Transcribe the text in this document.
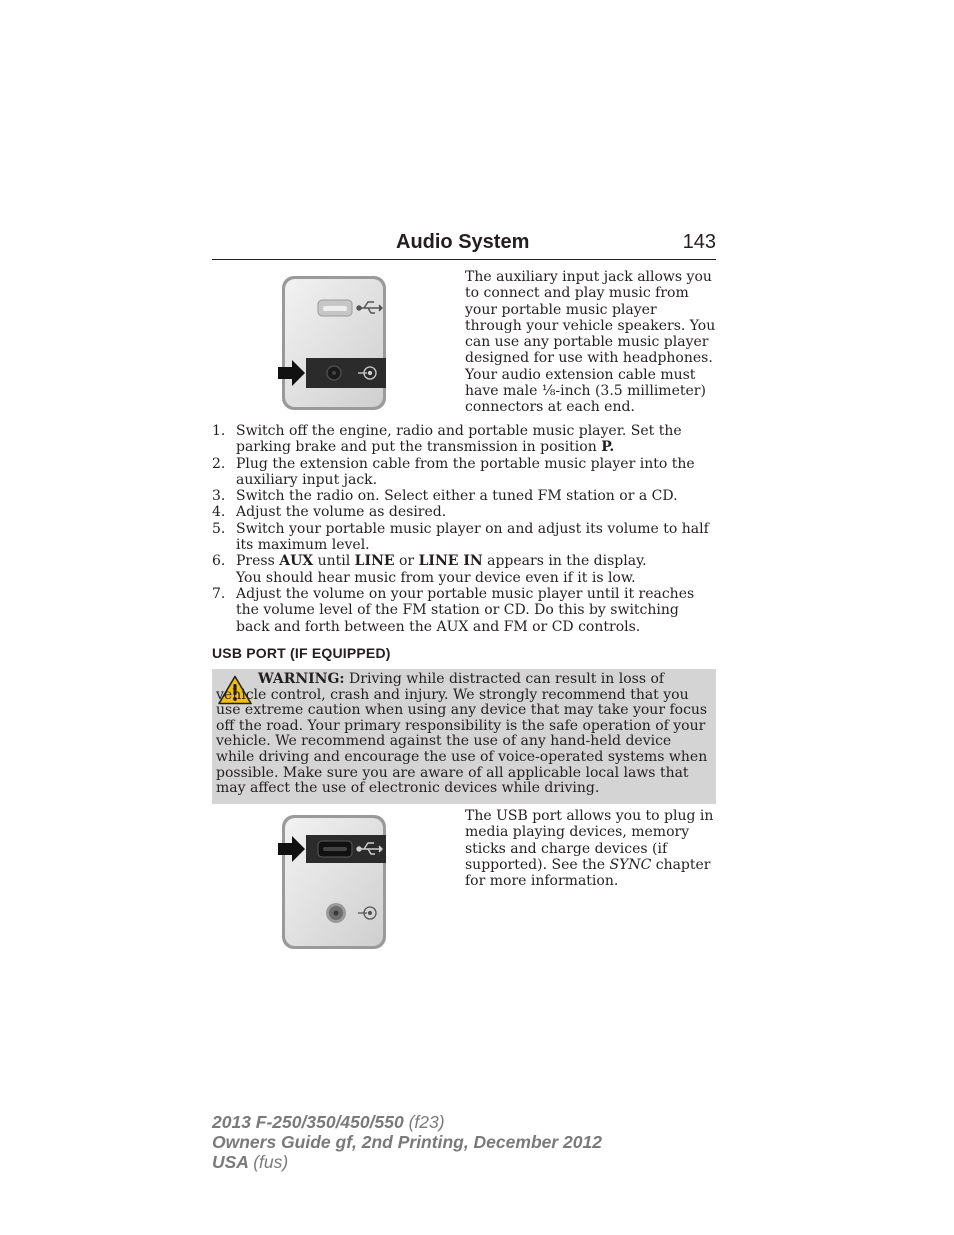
Audio System	143
The auxiliary input jack allows you to connect and play music from your portable music player through your vehicle speakers. You can use any portable music player designed for use with headphones. Your audio extension cable must have male ⅛-inch (3.5 millimeter) connectors at each end.
1. Switch off the engine, radio and portable music player. Set the parking brake and put the transmission in position P.
2. Plug the extension cable from the portable music player into the auxiliary input jack.
3. Switch the radio on. Select either a tuned FM station or a CD.
4. Adjust the volume as desired.
5. Switch your portable music player on and adjust its volume to half its maximum level.
6. Press AUX until LINE or LINE IN appears in the display.
You should hear music from your device even if it is low.
7. Adjust the volume on your portable music player until it reaches the volume level of the FM station or CD. Do this by switching back and forth between the AUX and FM or CD controls.
USB PORT (IF EQUIPPED)
WARNING: Driving while distracted can result in loss of vehicle control, crash and injury. We strongly recommend that you use extreme caution when using any device that may take your focus off the road. Your primary responsibility is the safe operation of your vehicle. We recommend against the use of any hand-held device while driving and encourage the use of voice-operated systems when possible. Make sure you are aware of all applicable local laws that may affect the use of electronic devices while driving.
The USB port allows you to plug in media playing devices, memory sticks and charge devices (if supported). See the SYNC chapter for more information.
2013 F-250/350/450/550 (f23)
Owners Guide gf, 2nd Printing, December 2012
USA (fus)
